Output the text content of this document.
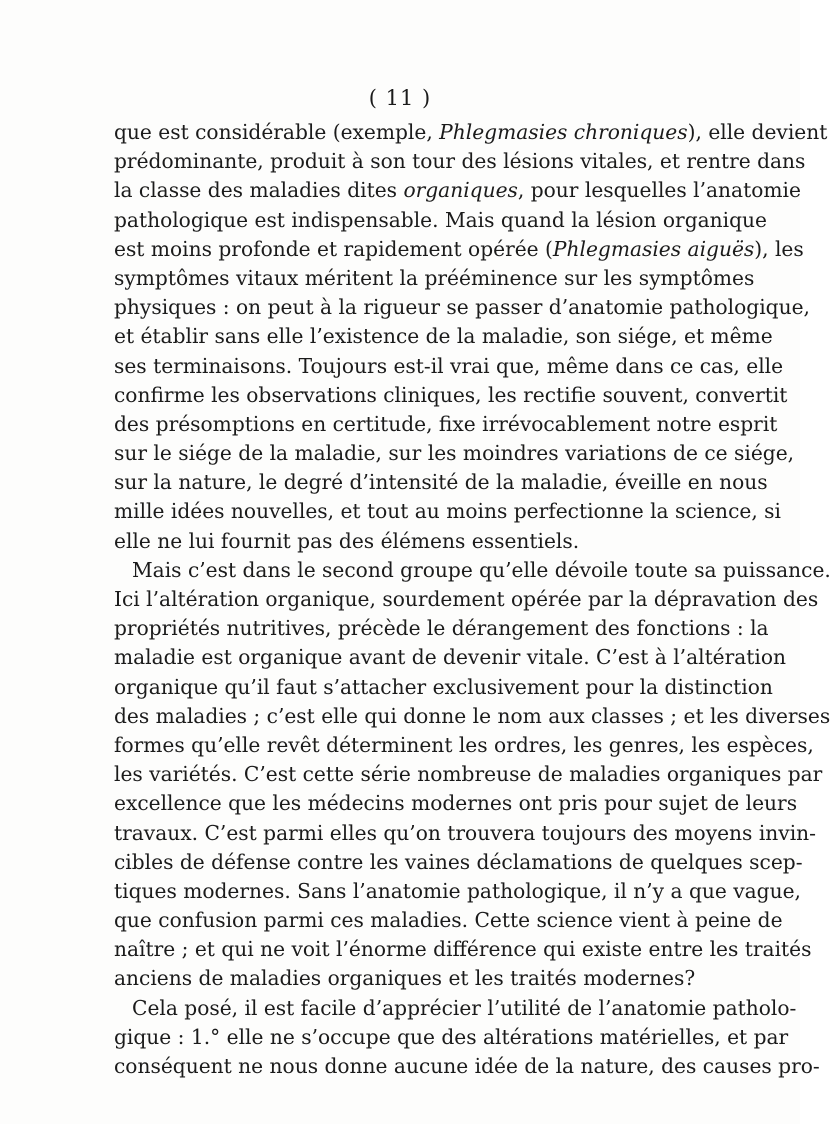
( 11 )
que est considérable (exemple, Phlegmasies chroniques), elle devient
prédominante, produit à son tour des lésions vitales, et rentre dans
la classe des maladies dites organiques, pour lesquelles l’anatomie
pathologique est indispensable. Mais quand la lésion organique
est moins profonde et rapidement opérée (Phlegmasies aiguës), les
symptômes vitaux méritent la prééminence sur les symptômes
physiques : on peut à la rigueur se passer d’anatomie pathologique,
et établir sans elle l’existence de la maladie, son siége, et même
ses terminaisons. Toujours est-il vrai que, même dans ce cas, elle
confirme les observations cliniques, les rectifie souvent, convertit
des présomptions en certitude, fixe irrévocablement notre esprit
sur le siége de la maladie, sur les moindres variations de ce siége,
sur la nature, le degré d’intensité de la maladie, éveille en nous
mille idées nouvelles, et tout au moins perfectionne la science, si
elle ne lui fournit pas des élémens essentiels.
Mais c’est dans le second groupe qu’elle dévoile toute sa puissance.
Ici l’altération organique, sourdement opérée par la dépravation des
propriétés nutritives, précède le dérangement des fonctions : la
maladie est organique avant de devenir vitale. C’est à l’altération
organique qu’il faut s’attacher exclusivement pour la distinction
des maladies ; c’est elle qui donne le nom aux classes ; et les diverses
formes qu’elle revêt déterminent les ordres, les genres, les espèces,
les variétés. C’est cette série nombreuse de maladies organiques par
excellence que les médecins modernes ont pris pour sujet de leurs
travaux. C’est parmi elles qu’on trouvera toujours des moyens invin-
cibles de défense contre les vaines déclamations de quelques scep-
tiques modernes. Sans l’anatomie pathologique, il n’y a que vague,
que confusion parmi ces maladies. Cette science vient à peine de
naître ; et qui ne voit l’énorme différence qui existe entre les traités
anciens de maladies organiques et les traités modernes?
Cela posé, il est facile d’apprécier l’utilité de l’anatomie patholo-
gique : 1.° elle ne s’occupe que des altérations matérielles, et par
conséquent ne nous donne aucune idée de la nature, des causes pro-
